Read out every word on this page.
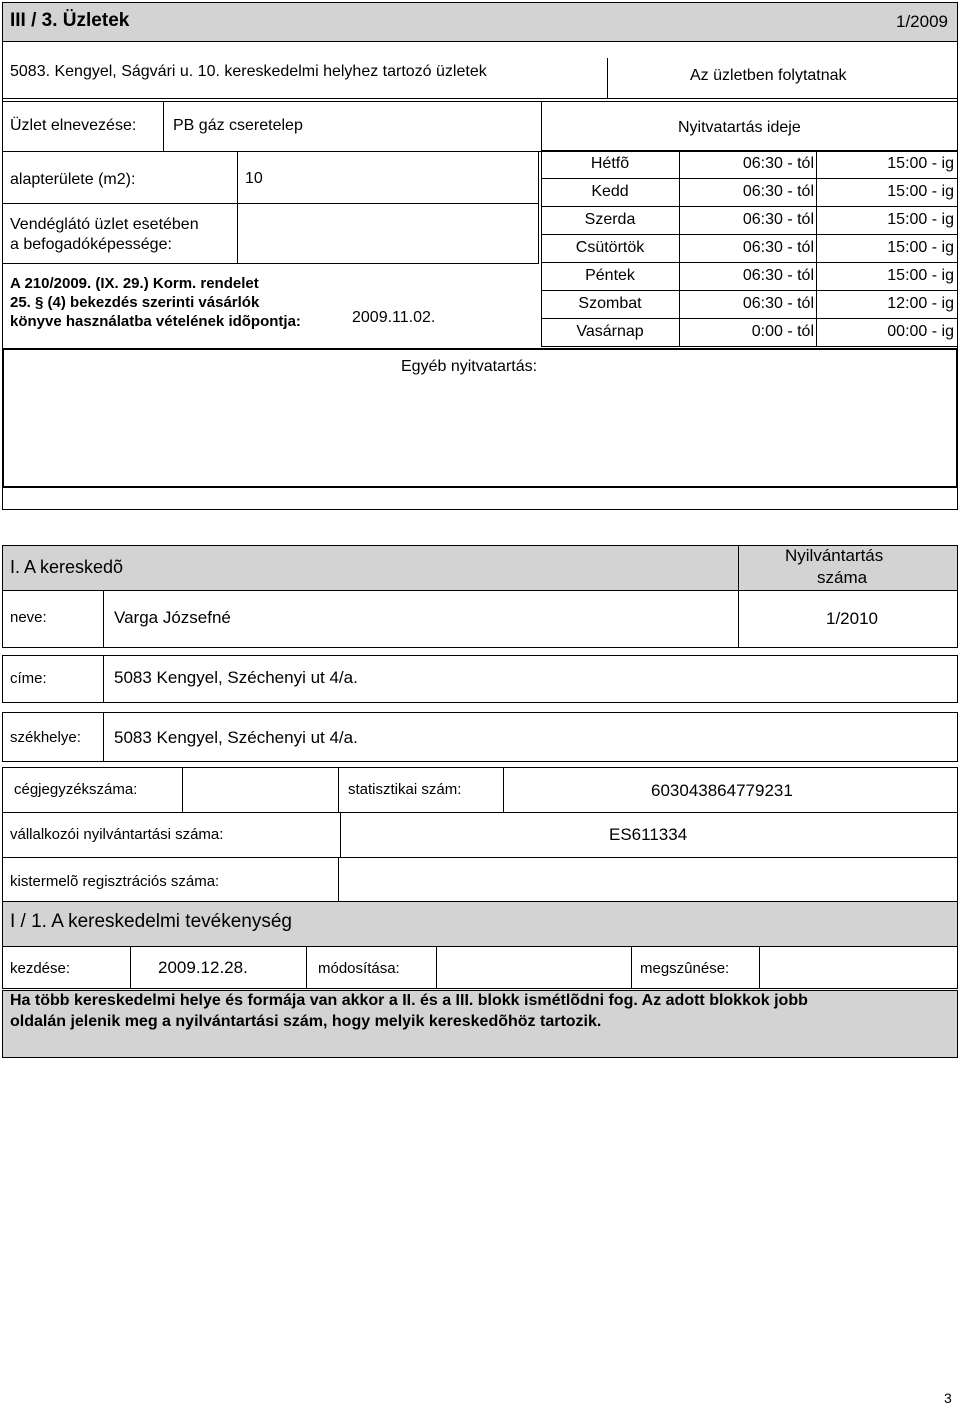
III / 3. Üzletek	1/2009
5083. Kengyel, Ságvári u. 10. kereskedelmi helyhez tartozó üzletek	Az üzletben folytatnak
Üzlet elnevezése: PB gáz cseretelep	Nyitvatartás ideje
alapterülete (m2):	10
Vendéglátó üzlet esetében
a befogadóképessége:
A 210/2009. (IX. 29.) Korm. rendelet
25. § (4) bekezdés szerinti vásárlók
könyve használatba vételének idõpontja:	2009.11.02.
Hétfõ	06:30 - tól	15:00 - ig
Kedd	06:30 - tól	15:00 - ig
Szerda	06:30 - tól	15:00 - ig
Csütörtök	06:30 - tól	15:00 - ig
Péntek	06:30 - tól	15:00 - ig
Szombat	06:30 - tól	12:00 - ig
Vasárnap	0:00 - tól	00:00 - ig
Egyéb nyitvatartás:
I. A kereskedõ
Nyilvántartás
száma
neve:	Varga Józsefné	1/2010
címe:	5083 Kengyel, Széchenyi ut 4/a.
székhelye: 5083 Kengyel, Széchenyi ut 4/a.
cégjegyzékszáma:	statisztikai szám:	603043864779231
vállalkozói nyilvántartási száma:	ES611334
kistermelõ regisztrációs száma:
I / 1. A kereskedelmi tevékenység
kezdése:	2009.12.28.	módosítása:	megszûnése:
Ha több kereskedelmi helye és formája van akkor a II. és a III. blokk ismétlõdni fog. Az adott blokkok jobb oldalán jelenik meg a nyilvántartási szám, hogy melyik kereskedõhöz tartozik.
3
